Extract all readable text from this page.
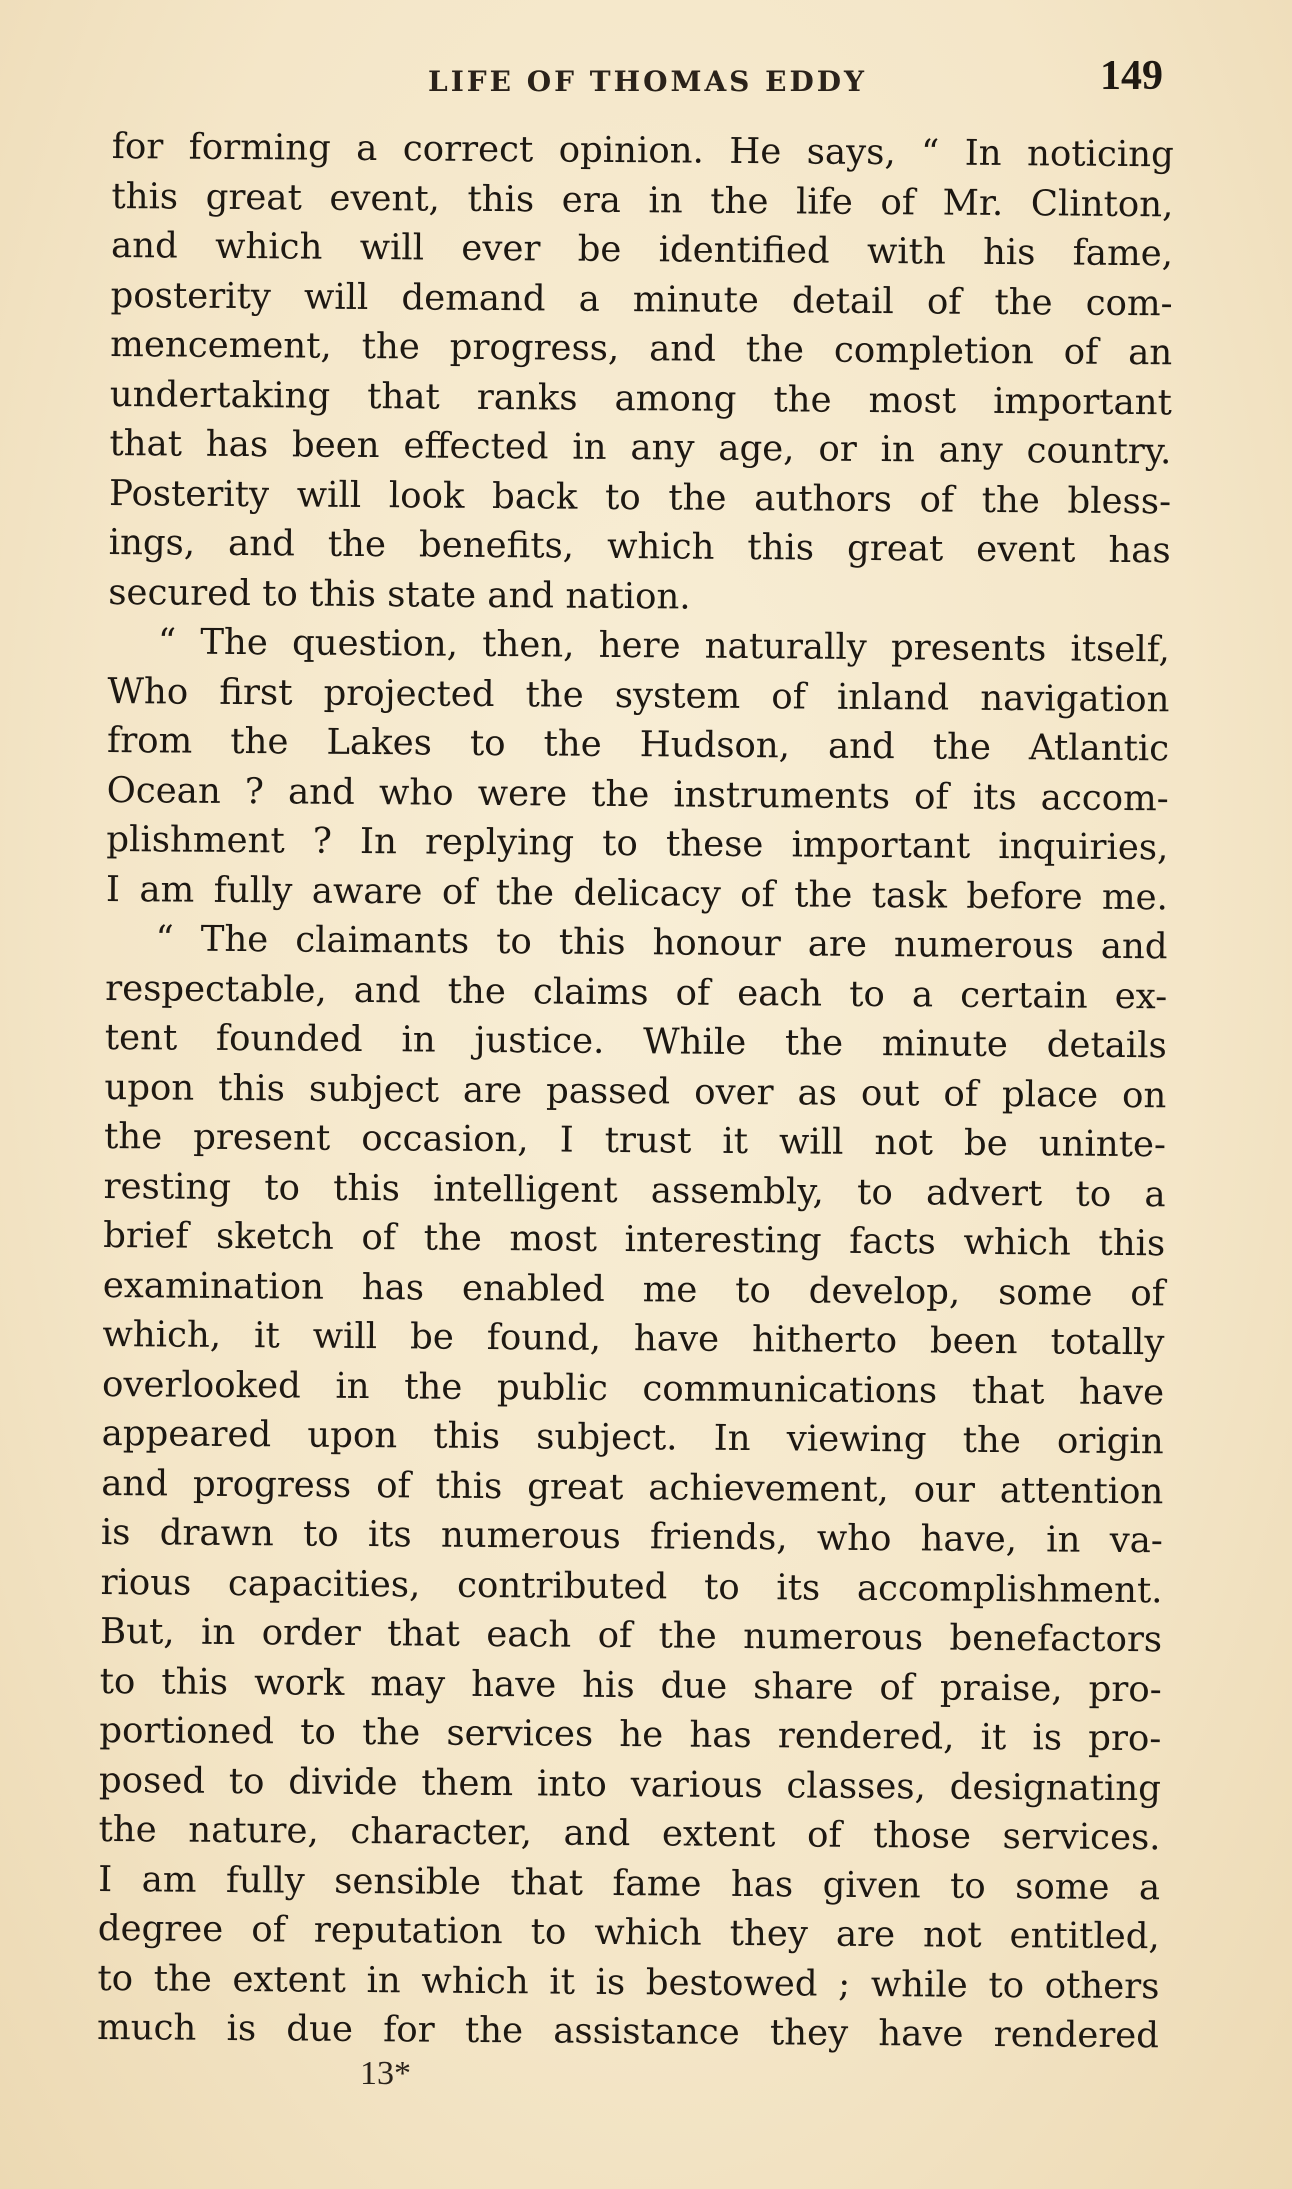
LIFE OF THOMAS EDDY	149
for forming a correct opinion. He says, “ In noticing
this great event, this era in the life of Mr. Clinton,
and which will ever be identified with his fame,
posterity will demand a minute detail of the com-
mencement, the progress, and the completion of an
undertaking that ranks among the most important
that has been effected in any age, or in any country.
Posterity will look back to the authors of the bless-
ings, and the benefits, which this great event has
secured to this state and nation.
“ The question, then, here naturally presents itself,
Who first projected the system of inland navigation
from the Lakes to the Hudson, and the Atlantic
Ocean ? and who were the instruments of its accom-
plishment ? In replying to these important inquiries,
I am fully aware of the delicacy of the task before me.
“ The claimants to this honour are numerous and
respectable, and the claims of each to a certain ex-
tent founded in justice. While the minute details
upon this subject are passed over as out of place on
the present occasion, I trust it will not be uninte-
resting to this intelligent assembly, to advert to a
brief sketch of the most interesting facts which this
examination has enabled me to develop, some of
which, it will be found, have hitherto been totally
overlooked in the public communications that have
appeared upon this subject. In viewing the origin
and progress of this great achievement, our attention
is drawn to its numerous friends, who have, in va-
rious capacities, contributed to its accomplishment.
But, in order that each of the numerous benefactors
to this work may have his due share of praise, pro-
portioned to the services he has rendered, it is pro-
posed to divide them into various classes, designating
the nature, character, and extent of those services.
I am fully sensible that fame has given to some a
degree of reputation to which they are not entitled,
to the extent in which it is bestowed ; while to others
much is due for the assistance they have rendered
13*
